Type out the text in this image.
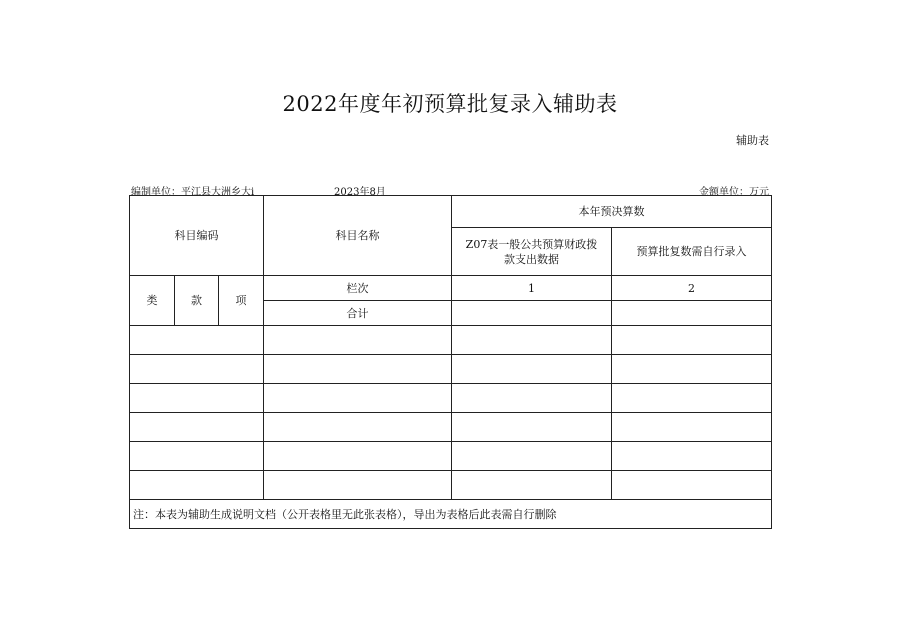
2022年度年初预算批复录入辅助表
辅助表
编制单位：平江县大洲乡大i	2023年8月	金额单位：万元
科目编码			科目名称	本年预决算数	
				Z07表一般公共预算财政拨款支出数据	预算批复数需自行录入
类	款	项	栏次	1	2
			合计		

注：本表为辅助生成说明文档（公开表格里无此张表格），导出为表格后此表需自行删除					
